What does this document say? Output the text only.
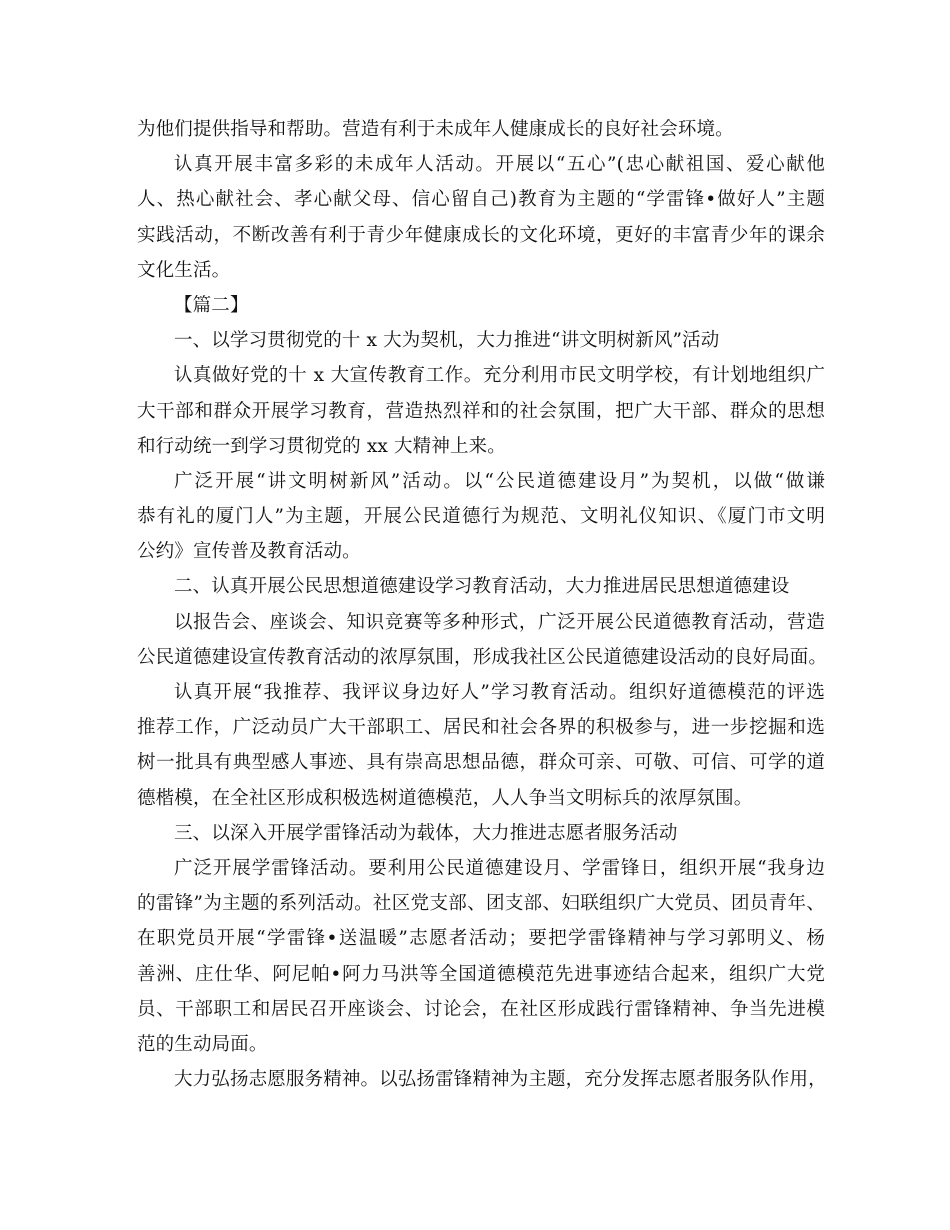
为他们提供指导和帮助。营造有利于未成年人健康成长的良好社会环境。
认真开展丰富多彩的未成年人活动。开展以“五心”(忠心献祖国、爱心献他
人、热心献社会、孝心献父母、信心留自己)教育为主题的“学雷锋•做好人”主题
实践活动，不断改善有利于青少年健康成长的文化环境，更好的丰富青少年的课余
文化生活。
【篇二】
一、以学习贯彻党的十 x 大为契机，大力推进“讲文明树新风”活动
认真做好党的十 x 大宣传教育工作。充分利用市民文明学校，有计划地组织广
大干部和群众开展学习教育，营造热烈祥和的社会氛围，把广大干部、群众的思想
和行动统一到学习贯彻党的 xx 大精神上来。
广泛开展“讲文明树新风”活动。以“公民道德建设月”为契机，以做“做谦
恭有礼的厦门人”为主题，开展公民道德行为规范、文明礼仪知识、《厦门市文明
公约》宣传普及教育活动。
二、认真开展公民思想道德建设学习教育活动，大力推进居民思想道德建设
以报告会、座谈会、知识竞赛等多种形式，广泛开展公民道德教育活动，营造
公民道德建设宣传教育活动的浓厚氛围，形成我社区公民道德建设活动的良好局面。
认真开展“我推荐、我评议身边好人”学习教育活动。组织好道德模范的评选
推荐工作，广泛动员广大干部职工、居民和社会各界的积极参与，进一步挖掘和选
树一批具有典型感人事迹、具有崇高思想品德，群众可亲、可敬、可信、可学的道
德楷模，在全社区形成积极选树道德模范，人人争当文明标兵的浓厚氛围。
三、以深入开展学雷锋活动为载体，大力推进志愿者服务活动
广泛开展学雷锋活动。要利用公民道德建设月、学雷锋日，组织开展“我身边
的雷锋”为主题的系列活动。社区党支部、团支部、妇联组织广大党员、团员青年、
在职党员开展“学雷锋•送温暖”志愿者活动；要把学雷锋精神与学习郭明义、杨
善洲、庄仕华、阿尼帕•阿力马洪等全国道德模范先进事迹结合起来，组织广大党
员、干部职工和居民召开座谈会、讨论会，在社区形成践行雷锋精神、争当先进模
范的生动局面。
大力弘扬志愿服务精神。以弘扬雷锋精神为主题，充分发挥志愿者服务队作用，
